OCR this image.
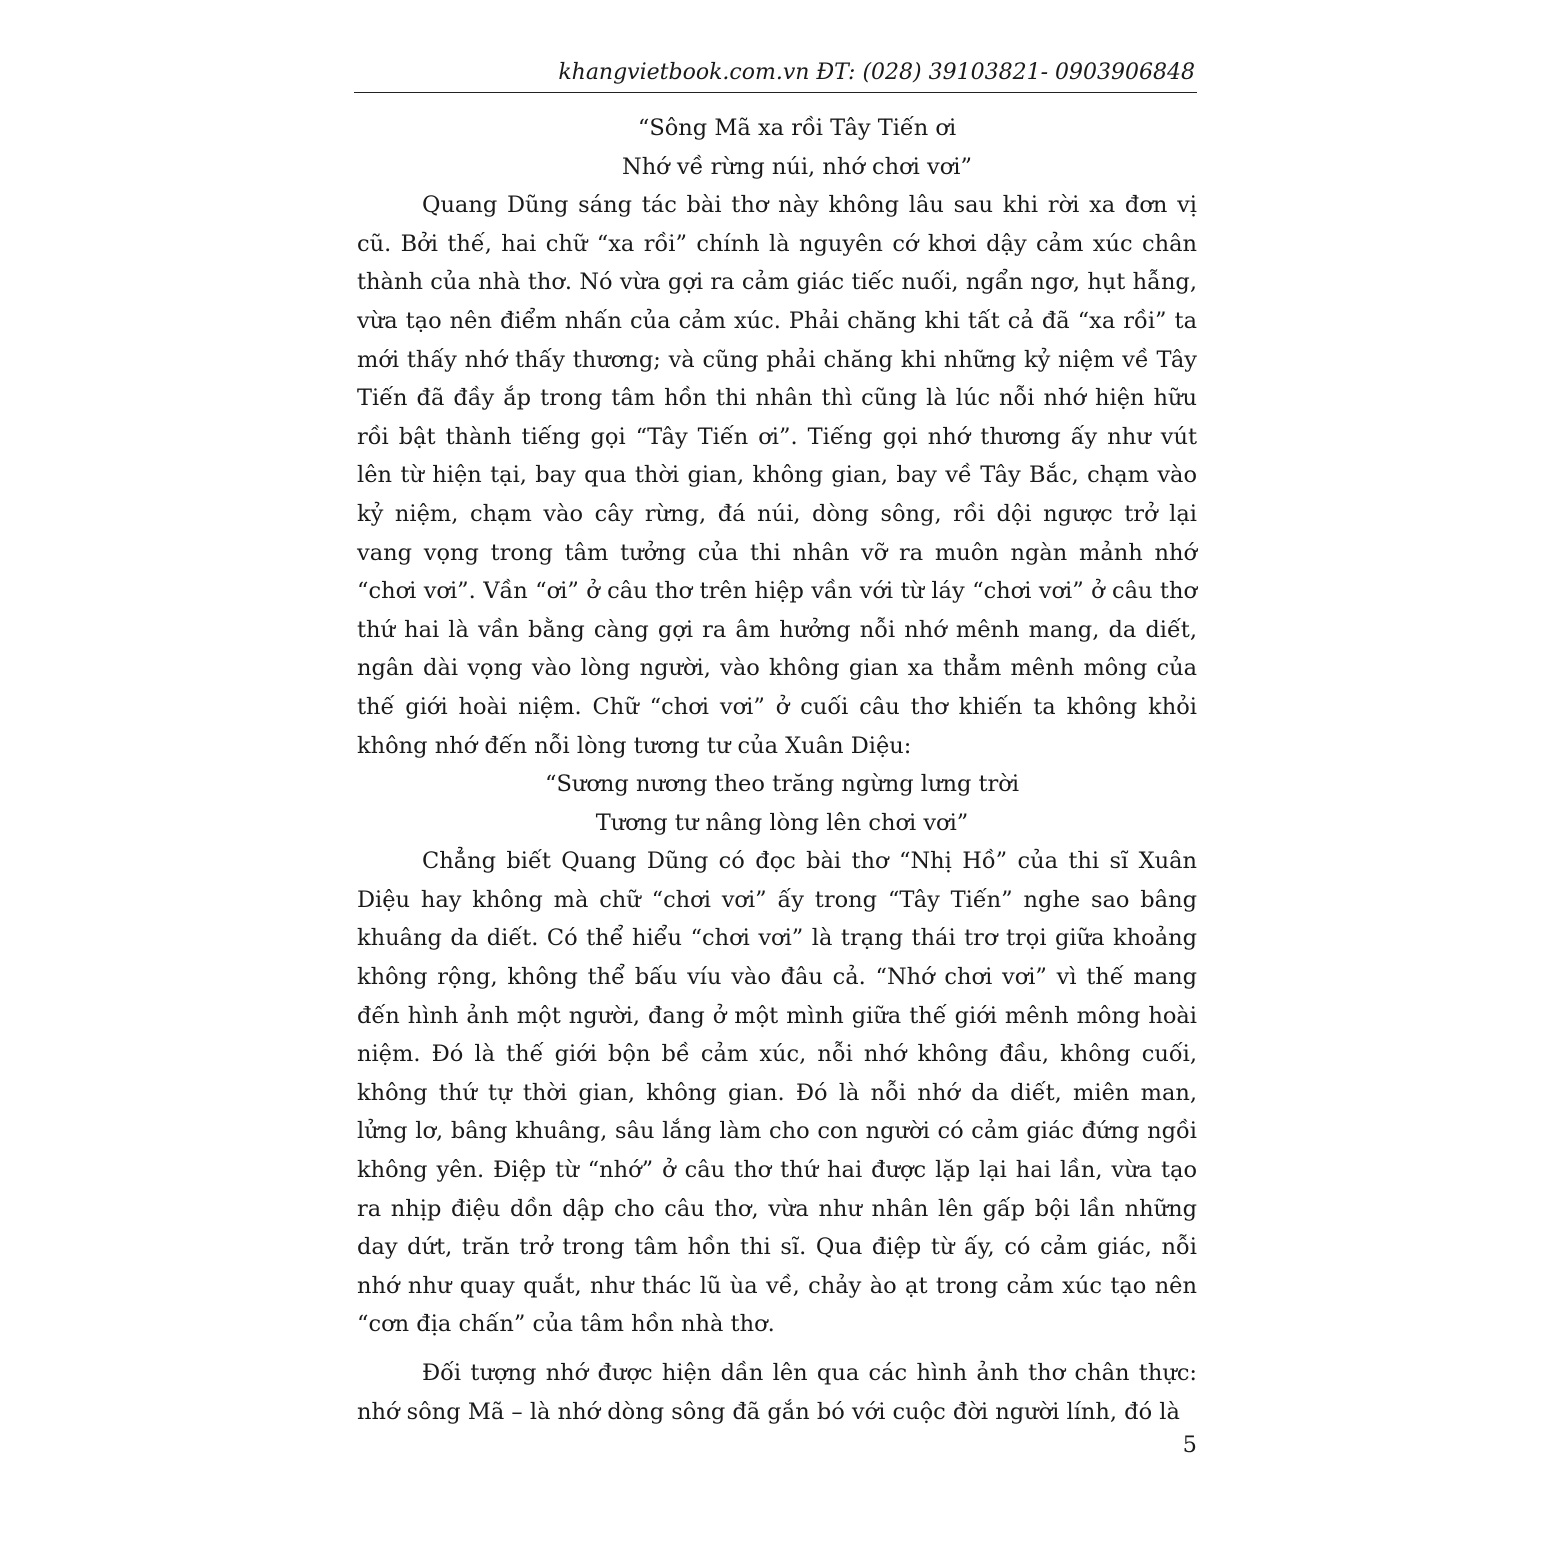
khangvietbook.com.vn ĐT: (028) 39103821- 0903906848

“Sông Mã xa rồi Tây Tiến ơi

Nhớ về rừng núi, nhớ chơi vơi”

Quang Dũng sáng tác bài thơ này không lâu sau khi rời xa đơn vị cũ. Bởi thế, hai chữ “xa rồi” chính là nguyên cớ khơi dậy cảm xúc chân thành của nhà thơ. Nó vừa gợi ra cảm giác tiếc nuối, ngẩn ngơ, hụt hẫng, vừa tạo nên điểm nhấn của cảm xúc. Phải chăng khi tất cả đã “xa rồi” ta mới thấy nhớ thấy thương; và cũng phải chăng khi những kỷ niệm về Tây Tiến đã đầy ắp trong tâm hồn thi nhân thì cũng là lúc nỗi nhớ hiện hữu rồi bật thành tiếng gọi “Tây Tiến ơi”. Tiếng gọi nhớ thương ấy như vút lên từ hiện tại, bay qua thời gian, không gian, bay về Tây Bắc, chạm vào kỷ niệm, chạm vào cây rừng, đá núi, dòng sông, rồi dội ngược trở lại vang vọng trong tâm tưởng của thi nhân vỡ ra muôn ngàn mảnh nhớ “chơi vơi”. Vần “ơi” ở câu thơ trên hiệp vần với từ láy “chơi vơi” ở câu thơ thứ hai là vần bằng càng gợi ra âm hưởng nỗi nhớ mênh mang, da diết, ngân dài vọng vào lòng người, vào không gian xa thẳm mênh mông của thế giới hoài niệm. Chữ “chơi vơi” ở cuối câu thơ khiến ta không khỏi không nhớ đến nỗi lòng tương tư của Xuân Diệu:

“Sương nương theo trăng ngừng lưng trời

Tương tư nâng lòng lên chơi vơi”

Chẳng biết Quang Dũng có đọc bài thơ “Nhị Hồ” của thi sĩ Xuân Diệu hay không mà chữ “chơi vơi” ấy trong “Tây Tiến” nghe sao bâng khuâng da diết. Có thể hiểu “chơi vơi” là trạng thái trơ trọi giữa khoảng không rộng, không thể bấu víu vào đâu cả. “Nhớ chơi vơi” vì thế mang đến hình ảnh một người, đang ở một mình giữa thế giới mênh mông hoài niệm. Đó là thế giới bộn bề cảm xúc, nỗi nhớ không đầu, không cuối, không thứ tự thời gian, không gian. Đó là nỗi nhớ da diết, miên man, lửng lơ, bâng khuâng, sâu lắng làm cho con người có cảm giác đứng ngồi không yên. Điệp từ “nhớ” ở câu thơ thứ hai được lặp lại hai lần, vừa tạo ra nhịp điệu dồn dập cho câu thơ, vừa như nhân lên gấp bội lần những day dứt, trăn trở trong tâm hồn thi sĩ. Qua điệp từ ấy, có cảm giác, nỗi nhớ như quay quắt, như thác lũ ùa về, chảy ào ạt trong cảm xúc tạo nên “cơn địa chấn” của tâm hồn nhà thơ.

Đối tượng nhớ được hiện dần lên qua các hình ảnh thơ chân thực: nhớ sông Mã – là nhớ dòng sông đã gắn bó với cuộc đời người lính, đó là

5
